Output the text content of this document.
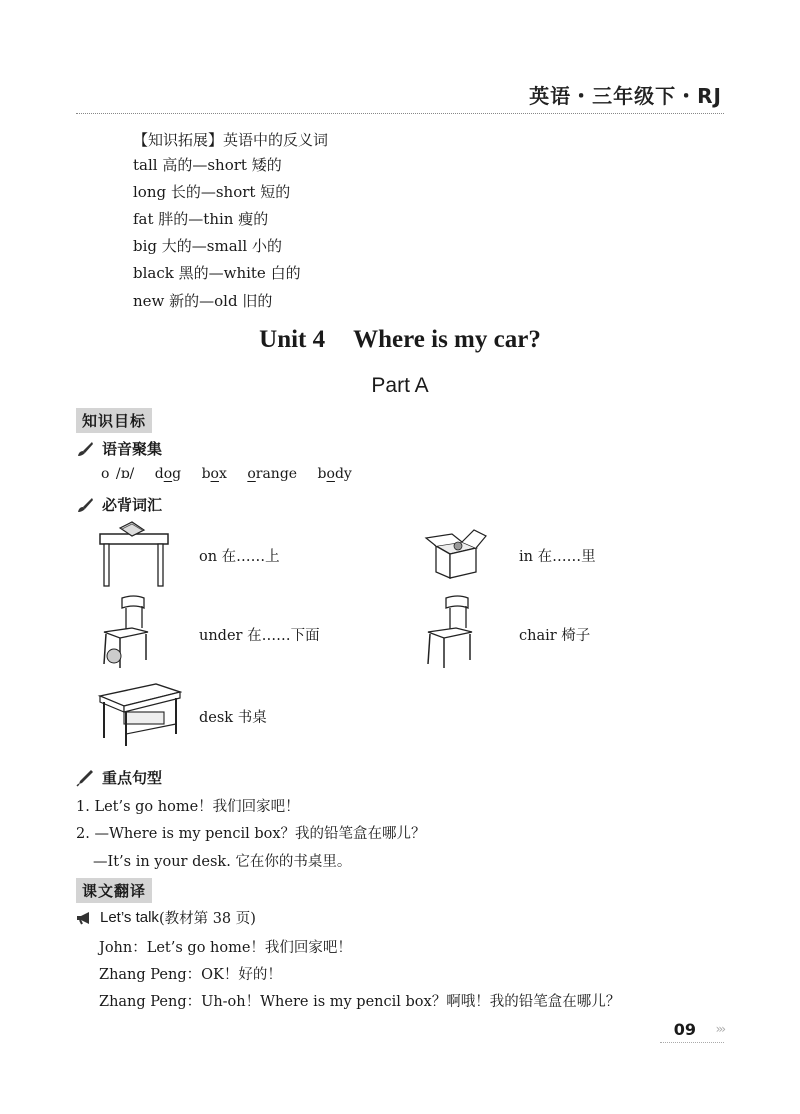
英语・三年级下・RJ
【知识拓展】英语中的反义词
tall 高的—short 矮的
long 长的—short 短的
fat 胖的—thin 瘦的
big 大的—small 小的
black 黑的—white 白的
new 新的—old 旧的
Unit 4 Where is my car?
Part A
知识目标
语音聚集
o /ɒ/ dog box orange body
必背词汇
on 在……上	in 在……里
under 在……下面	chair 椅子
desk 书桌
重点句型
1. Let’s go home！我们回家吧！
2. —Where is my pencil box？我的铅笔盒在哪儿？
—It’s in your desk. 它在你的书桌里。
课文翻译
Let’s talk (教材第 38 页)
John：Let’s go home！我们回家吧！
Zhang Peng：OK！好的！
Zhang Peng：Uh-oh！Where is my pencil box？啊哦！我的铅笔盒在哪儿？
09 ›››
